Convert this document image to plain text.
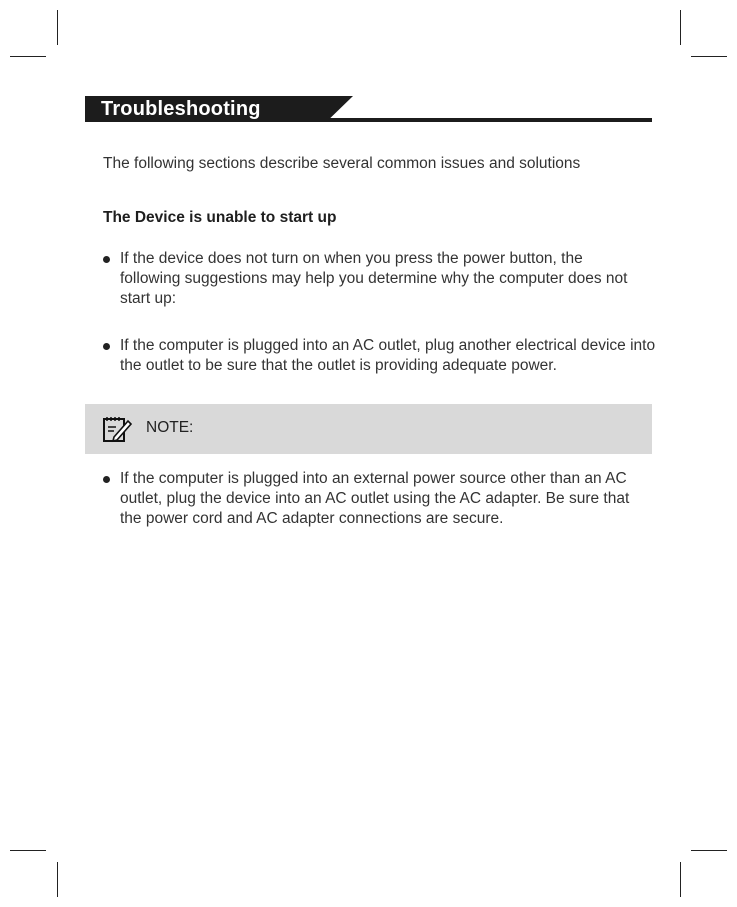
Troubleshooting
The following sections describe several common issues and solutions
The Device is unable to start up
If the device does not turn on when you press the power button, the following suggestions may help you determine why the computer does not start up:
If the computer is plugged into an AC outlet, plug another electrical device into the outlet to be sure that the outlet is providing adequate power.
NOTE:
If the computer is plugged into an external power source other than an AC outlet, plug the device into an AC outlet using the AC adapter. Be sure that the power cord and AC adapter connections are secure.
